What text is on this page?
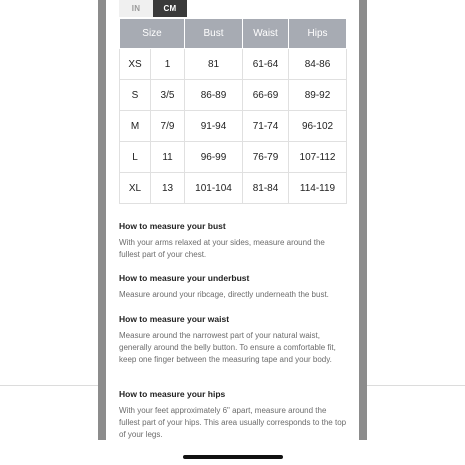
IN	CM
Size		Bust	Waist	Hips
XS	1	81	61-64	84-86
S	3/5	86-89	66-69	89-92
M	7/9	91-94	71-74	96-102
L	11	96-99	76-79	107-112
XL	13	101-104	81-84	114-119
How to measure your bust

With your arms relaxed at your sides, measure around the fullest part of your chest.

How to measure your underbust

Measure around your ribcage, directly underneath the bust.

How to measure your waist

Measure around the narrowest part of your natural waist, generally around the belly button. To ensure a comfortable fit, keep one finger between the measuring tape and your body.

How to measure your hips

With your feet approximately 6" apart, measure around the fullest part of your hips. This area usually corresponds to the top of your legs.
